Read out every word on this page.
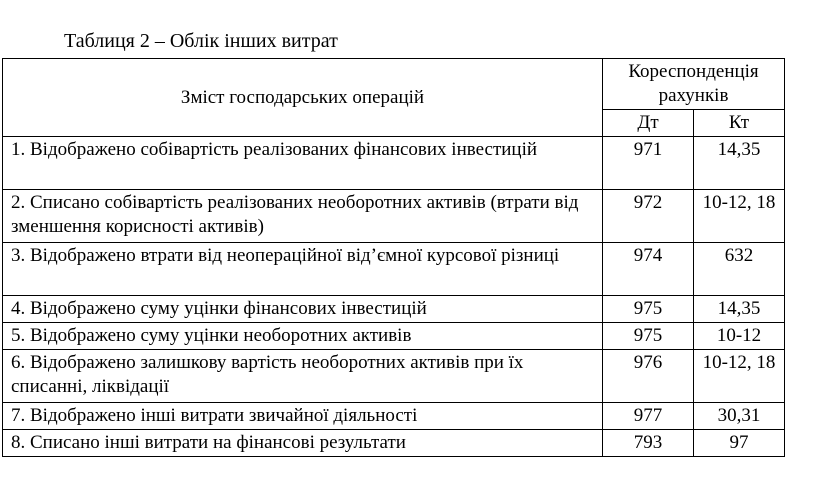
Таблиця 2 – Облік інших витрат
Зміст господарських операцій	Кореспонденція рахунків	
	Дт	Кт
1. Відображено собівартість реалізованих фінансових інвестицій	971	14,35
2. Списано собівартість реалізованих необоротних активів (втрати від зменшення корисності активів)	972	10-12, 18
3. Відображено втрати від неопераційної від’ємної курсової різниці	974	632
4. Відображено суму уцінки фінансових інвестицій	975	14,35
5. Відображено суму уцінки необоротних активів	975	10-12
6. Відображено залишкову вартість необоротних активів при їх списанні, ліквідації	976	10-12, 18
7. Відображено інші витрати звичайної діяльності	977	30,31
8. Списано інші витрати на фінансові результати	793	97
